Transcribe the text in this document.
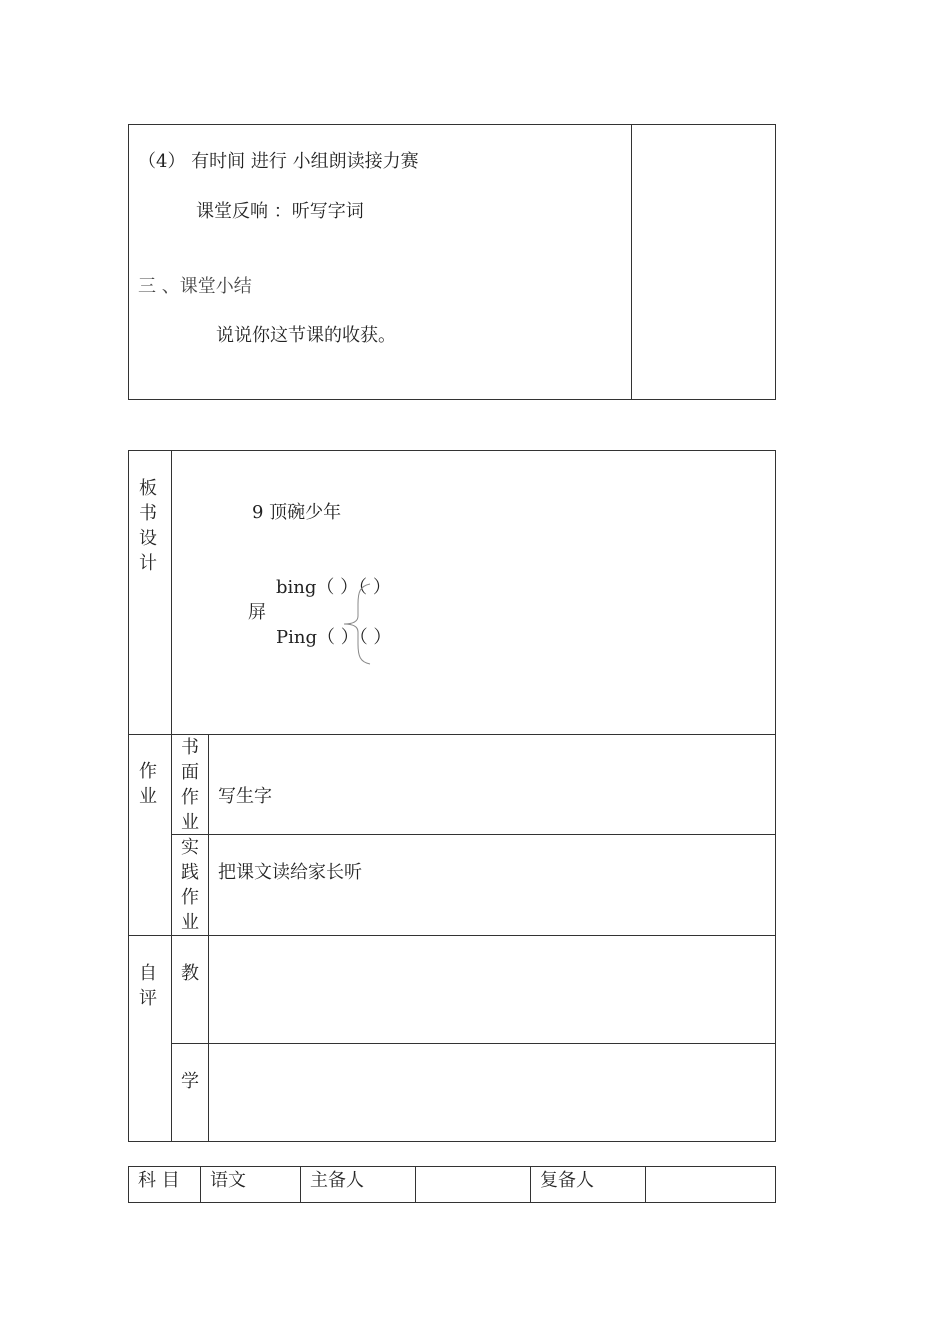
（4） 有时间 进行 小组朗读接力赛
课堂反响 ：听写字词
三 、课堂小结
说说你这节课的收获。
板
书
设
计
9 顶碗少年
bing（ ）（ ）
屏
Ping（ ）（ ）
作
业
书
面
作
业
写生字
实
践
作
业
把课文读给家长听
自
评
教
学
科 目 语文	主备人	复备人
